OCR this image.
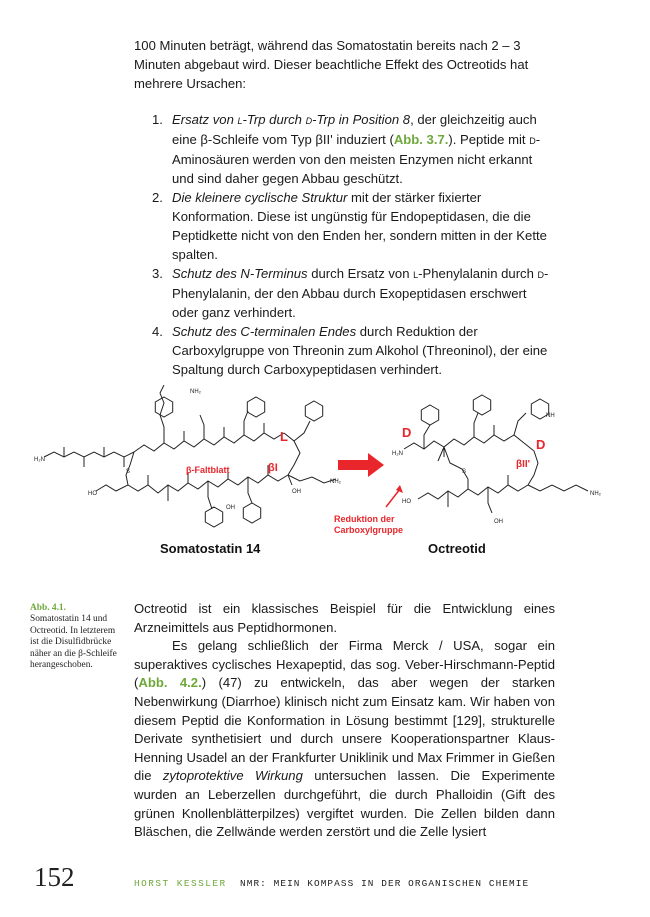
100 Minuten beträgt, während das Somatostatin bereits nach 2 – 3 Minuten abgebaut wird. Dieser beachtliche Effekt des Octreotids hat mehrere Ursachen:

1. Ersatz von l-Trp durch d-Trp in Position 8, der gleichzeitig auch eine β-Schleife vom Typ βII' induziert (Abb. 3.7.). Peptide mit d-Aminosäuren werden von den meisten Enzymen nicht erkannt und sind daher gegen Abbau geschützt.
2. Die kleinere cyclische Struktur mit der stärker fixierter Konformation. Diese ist ungünstig für Endopeptidasen, die die Peptidkette nicht von den Enden her, sondern mitten in der Kette spalten.
3. Schutz des N-Terminus durch Ersatz von l-Phenylalanin durch d-Phenylalanin, der den Abbau durch Exopeptidasen erschwert oder ganz verhindert.
4. Schutz des C-terminalen Endes durch Reduktion der Carboxylgruppe von Threonin zum Alkohol (Threoninol), der eine Spaltung durch Carboxypeptidasen verhindert.
H₂N
NH₂
HO
NH₂
S
OH
OH
L
β-Faltblatt	βI
H₂N
NH₂
HO
S
OH
NH
D
D
βII'
Reduktion der
Carboxylgruppe
Somatostatin 14	Octreotid
Abb. 4.1.
Somatostatin 14 und Octreotid. In letzterem ist die Disulfidbrücke näher an die β-Schleife herangeschoben.

Octreotid ist ein klassisches Beispiel für die Entwicklung eines Arzneimittels aus Peptidhormonen.

Es gelang schließlich der Firma Merck / USA, sogar ein superaktives cyclisches Hexapeptid, das sog. Veber-Hirschmann-Peptid (Abb. 4.2.) (47) zu entwickeln, das aber wegen der starken Nebenwirkung (Diarrhoe) klinisch nicht zum Einsatz kam. Wir haben von diesem Peptid die Konformation in Lösung bestimmt [129], strukturelle Derivate synthetisiert und durch unsere Kooperationspartner Klaus-Henning Usadel an der Frankfurter Uniklinik und Max Frimmer in Gießen die zytoprotektive Wirkung untersuchen lassen. Die Experimente wurden an Leberzellen durchgeführt, die durch Phalloidin (Gift des grünen Knollenblätterpilzes) vergiftet wurden. Die Zellen bilden dann Bläschen, die Zellwände werden zerstört und die Zelle lysiert

152	HORST KESSLER NMR: MEIN KOMPASS IN DER ORGANISCHEN CHEMIE
